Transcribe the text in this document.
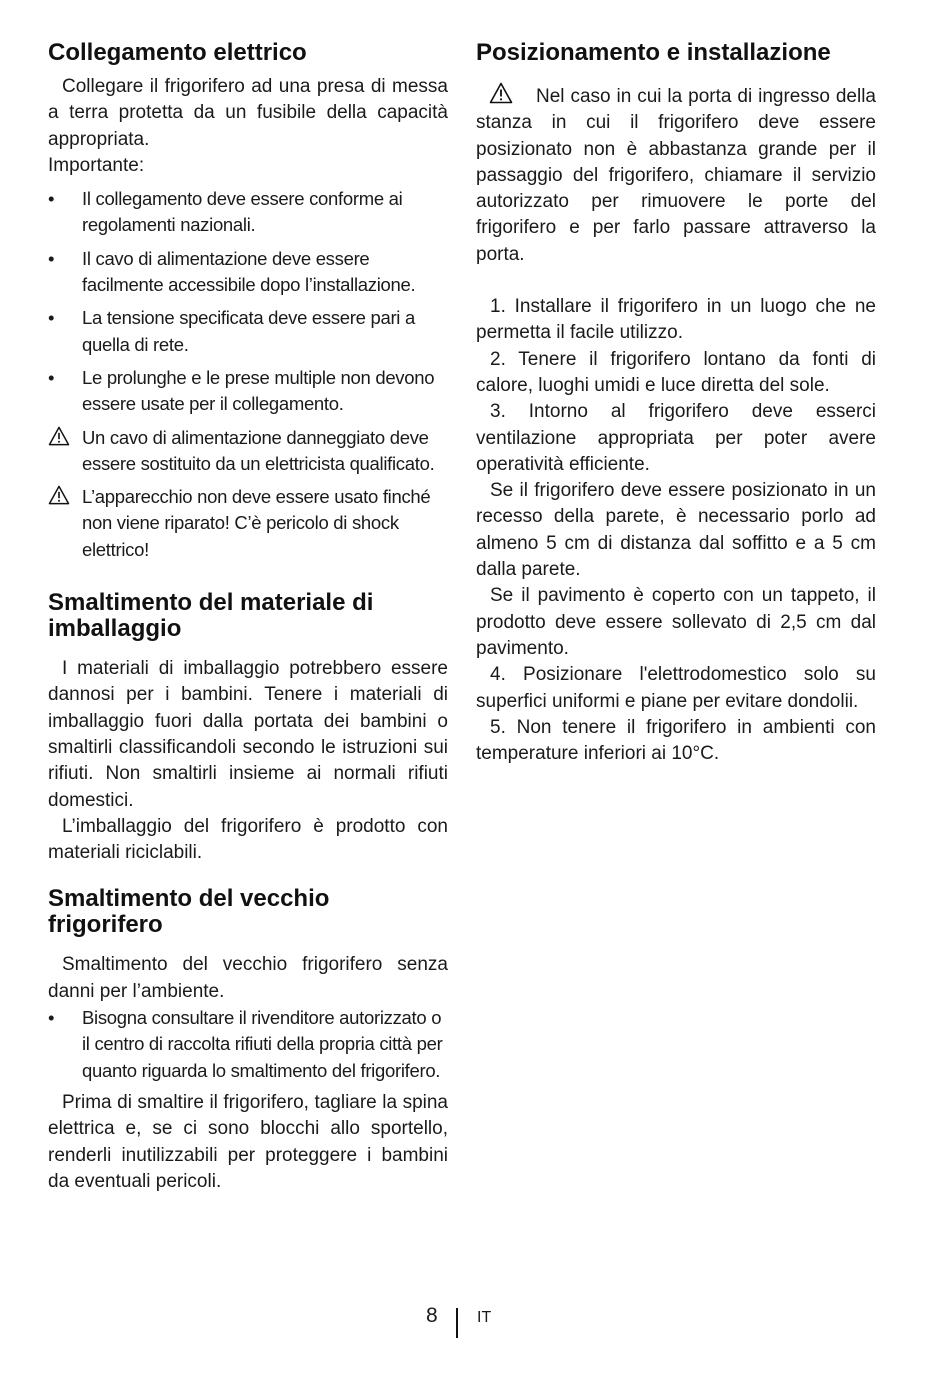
Collegamento elettrico

Collegare il frigorifero ad una presa di messa a terra protetta da un fusibile della capacità appropriata.

Importante:

•	Il collegamento deve essere conforme ai regolamenti nazionali.
•	Il cavo di alimentazione deve essere facilmente accessibile dopo l’installazione.
•	La tensione specificata deve essere pari a quella di rete.
•	Le prolunghe e le prese multiple non devono essere usate per il collegamento.
Un cavo di alimentazione danneggiato deve essere sostituito da un elettricista qualificato.
L’apparecchio non deve essere usato finché non viene riparato! C’è pericolo di shock elettrico!
Smaltimento del materiale di imballaggio

I materiali di imballaggio potrebbero essere dannosi per i bambini. Tenere i materiali di imballaggio fuori dalla portata dei bambini o smaltirli classificandoli secondo le istruzioni sui rifiuti. Non smaltirli insieme ai normali rifiuti domestici.

L’imballaggio del frigorifero è prodotto con materiali riciclabili.

Smaltimento del vecchio frigorifero

Smaltimento del vecchio frigorifero senza danni per l’ambiente.

•	Bisogna consultare il rivenditore autorizzato o il centro di raccolta rifiuti della propria città per quanto riguarda lo smaltimento del frigorifero.

Prima di smaltire il frigorifero, tagliare la spina elettrica e, se ci sono blocchi allo sportello, renderli inutilizzabili per proteggere i bambini da eventuali pericoli.

Posizionamento e installazione

Nel caso in cui la porta di ingresso della stanza in cui il frigorifero deve essere posizionato non è abbastanza grande per il passaggio del frigorifero, chiamare il servizio autorizzato per rimuovere le porte del frigorifero e per farlo passare attraverso la porta.

1. Installare il frigorifero in un luogo che ne permetta il facile utilizzo.

2. Tenere il frigorifero lontano da fonti di calore, luoghi umidi e luce diretta del sole.

3. Intorno al frigorifero deve esserci ventilazione appropriata per poter avere operatività efficiente.

Se il frigorifero deve essere posizionato in un recesso della parete, è necessario porlo ad almeno 5 cm di distanza dal soffitto e a 5 cm dalla parete.

Se il pavimento è coperto con un tappeto, il prodotto deve essere sollevato di 2,5 cm dal pavimento.

4. Posizionare l'elettrodomestico solo su superfici uniformi e piane per evitare dondolii.

5. Non tenere il frigorifero in ambienti con temperature inferiori ai 10°C.

8 IT
